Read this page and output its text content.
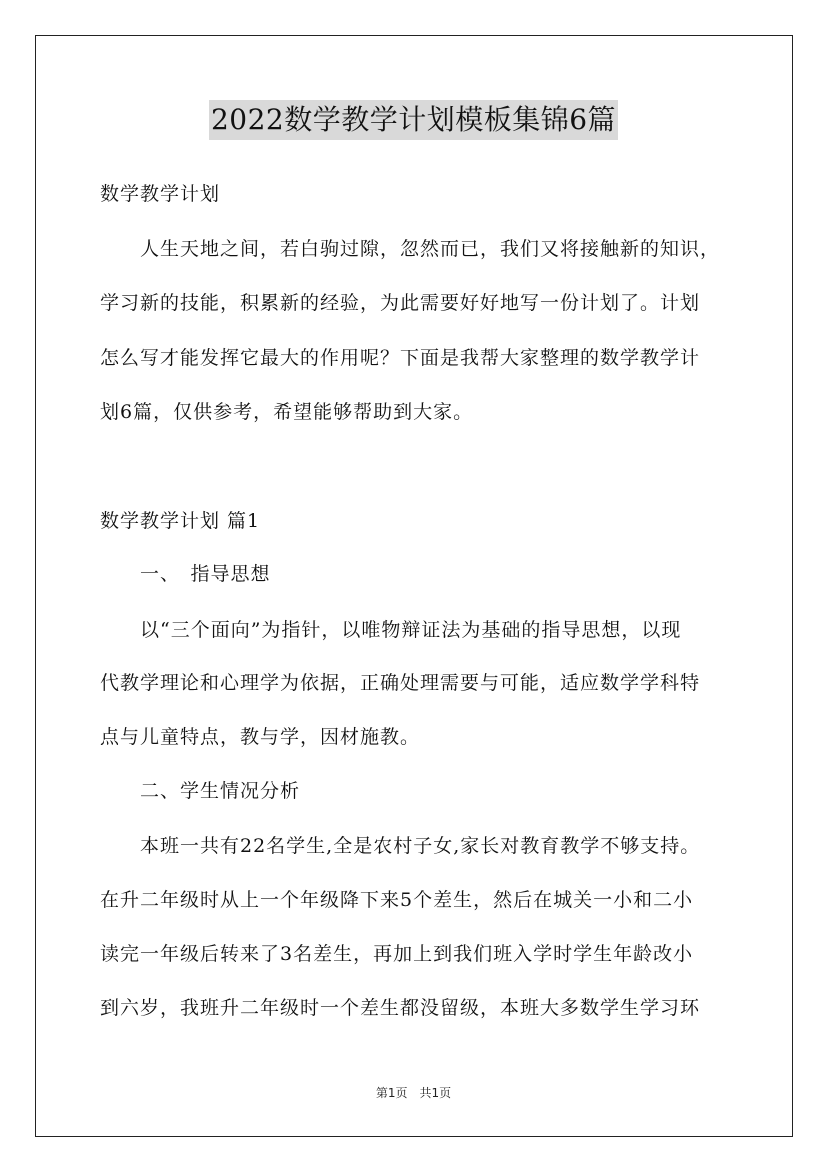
2022数学教学计划模板集锦6篇
数学教学计划
人生天地之间，若白驹过隙，忽然而已，我们又将接触新的知识，
学习新的技能，积累新的经验，为此需要好好地写一份计划了。计划
怎么写才能发挥它最大的作用呢？下面是我帮大家整理的数学教学计
划6篇，仅供参考，希望能够帮助到大家。
数学教学计划 篇1
一、　指导思想
以“三个面向”为指针，以唯物辩证法为基础的指导思想，以现
代教学理论和心理学为依据，正确处理需要与可能，适应数学学科特
点与儿童特点，教与学，因材施教。
二、学生情况分析
本班一共有22名学生,全是农村子女,家长对教育教学不够支持。
在升二年级时从上一个年级降下来5个差生，然后在城关一小和二小
读完一年级后转来了3名差生，再加上到我们班入学时学生年龄改小
到六岁，我班升二年级时一个差生都没留级，本班大多数学生学习环
第1页　共1页
